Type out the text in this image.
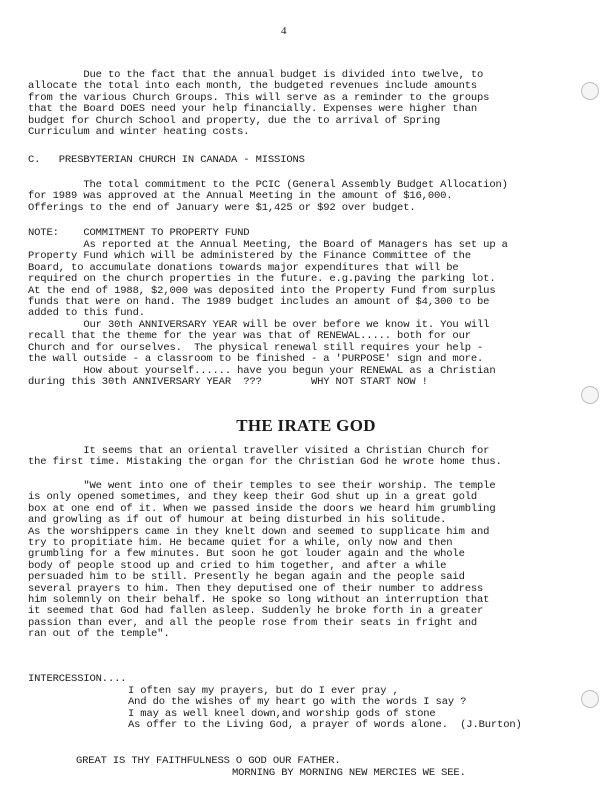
4
Due to the fact that the annual budget is divided into twelve, to
allocate the total into each month, the budgeted revenues include amounts
from the various Church Groups. This will serve as a reminder to the groups
that the Board DOES need your help financially. Expenses were higher than
budget for Church School and property, due the to arrival of Spring
Curriculum and winter heating costs.
C.   PRESBYTERIAN CHURCH IN CANADA - MISSIONS
The total commitment to the PCIC (General Assembly Budget Allocation)
for 1989 was approved at the Annual Meeting in the amount of $16,000.
Offerings to the end of January were $1,425 or $92 over budget.
NOTE:    COMMITMENT TO PROPERTY FUND
As reported at the Annual Meeting, the Board of Managers has set up a
Property Fund which will be administered by the Finance Committee of the
Board, to accumulate donations towards major expenditures that will be
required on the church properties in the future. e.g.paving the parking lot.
At the end of 1988, $2,000 was deposited into the Property Fund from surplus
funds that were on hand. The 1989 budget includes an amount of $4,300 to be
added to this fund.
Our 30th ANNIVERSARY YEAR will be over before we know it. You will
recall that the theme for the year was that of RENEWAL..... both for our
Church and for ourselves.  The physical renewal still requires your help -
the wall outside - a classroom to be finished - a 'PURPOSE' sign and more.
How about yourself...... have you begun your RENEWAL as a Christian
during this 30th ANNIVERSARY YEAR  ???        WHY NOT START NOW !
THE IRATE GOD
It seems that an oriental traveller visited a Christian Church for
the first time. Mistaking the organ for the Christian God he wrote home thus.
"We went into one of their temples to see their worship. The temple
is only opened sometimes, and they keep their God shut up in a great gold
box at one end of it. When we passed inside the doors we heard him grumbling
and growling as if out of humour at being disturbed in his solitude.
As the worshippers came in they knelt down and seemed to supplicate him and
try to propitiate him. He became quiet for a while, only now and then
grumbling for a few minutes. But soon he got louder again and the whole
body of people stood up and cried to him together, and after a while
persuaded him to be still. Presently he began again and the people said
several prayers to him. Then they deputised one of their number to address
him solemnly on their behalf. He spoke so long without an interruption that
it seemed that God had fallen asleep. Suddenly he broke forth in a greater
passion than ever, and all the people rose from their seats in fright and
ran out of the temple".
INTERCESSION....
I often say my prayers, but do I ever pray ,
And do the wishes of my heart go with the words I say ?
I may as well kneel down,and worship gods of stone
As offer to the Living God, a prayer of words alone.  (J.Burton)
GREAT IS THY FAITHFULNESS O GOD OUR FATHER.
MORNING BY MORNING NEW MERCIES WE SEE.
